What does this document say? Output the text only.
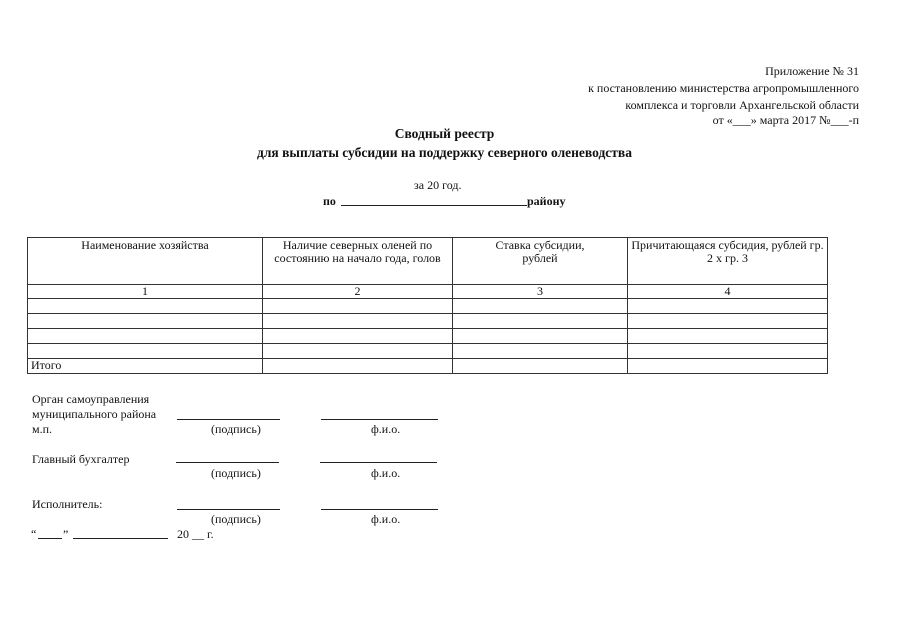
Приложение № 31
к постановлению министерства агропромышленного
комплекса и торговли Архангельской области
от «___» марта 2017 №___-п
Сводный реестр
для выплаты субсидии на поддержку северного оленеводства
за 20 год.
по	району
Наименование хозяйства	Наличие северных оленей по состоянию на начало года, голов	Ставка субсидии, рублей	Причитающаяся субсидия, рублей гр. 2 х гр. 3
1	2	3	4

Итого			
Орган самоуправления
муниципального района
м.п.	(подпись)	ф.и.о.
Главный бухгалтер
(подпись)	ф.и.о.
Исполнитель:
(подпись)	ф.и.о.
“ ”	20 __ г.
